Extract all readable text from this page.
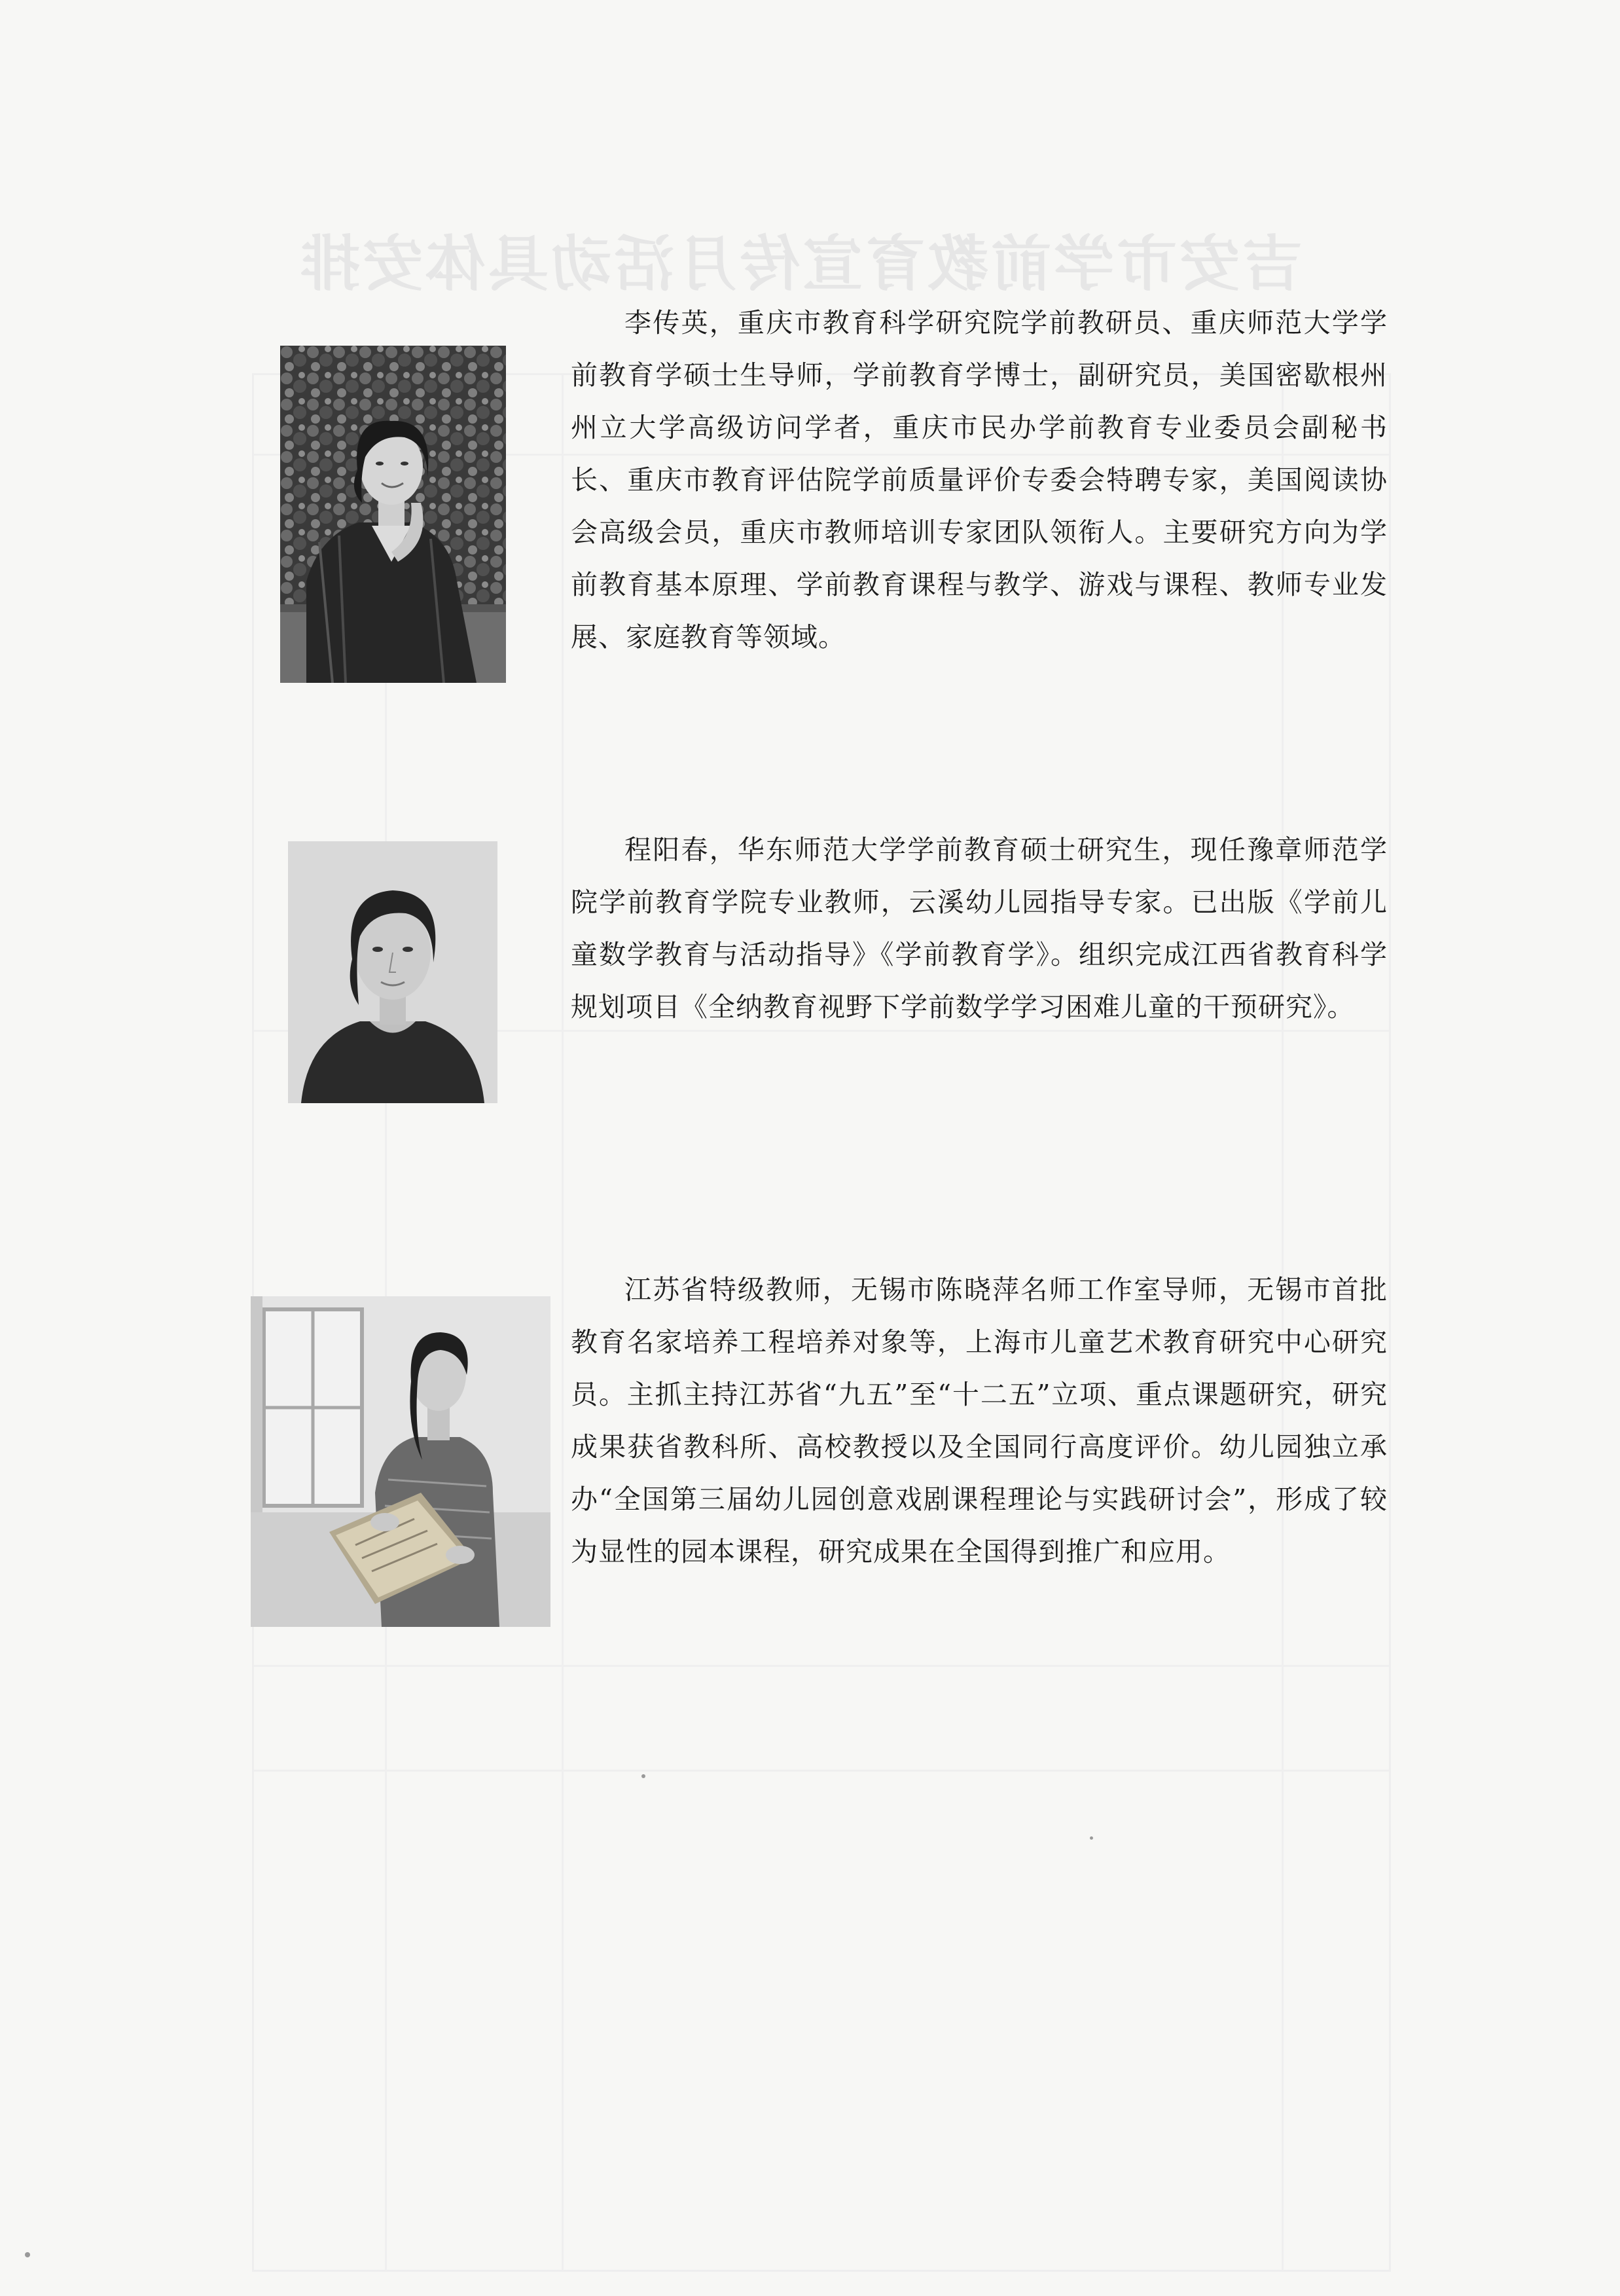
吉安市学前教育宣传月活动具体安排
李传英，重庆市教育科学研究院学前教研员、重庆师范大学学前教育学硕士生导师，学前教育学博士，副研究员，美国密歇根州州立大学高级访问学者，重庆市民办学前教育专业委员会副秘书长、重庆市教育评估院学前质量评价专委会特聘专家，美国阅读协会高级会员，重庆市教师培训专家团队领衔人。主要研究方向为学前教育基本原理、学前教育课程与教学、游戏与课程、教师专业发展、家庭教育等领域。
程阳春，华东师范大学学前教育硕士研究生，现任豫章师范学院学前教育学院专业教师，云溪幼儿园指导专家。已出版《学前儿童数学教育与活动指导》《学前教育学》。组织完成江西省教育科学规划项目《全纳教育视野下学前数学学习困难儿童的干预研究》。
江苏省特级教师，无锡市陈晓萍名师工作室导师，无锡市首批教育名家培养工程培养对象等，上海市儿童艺术教育研究中心研究员。主抓主持江苏省“九五”至“十二五”立项、重点课题研究，研究成果获省教科所、高校教授以及全国同行高度评价。幼儿园独立承办“全国第三届幼儿园创意戏剧课程理论与实践研讨会”，形成了较为显性的园本课程，研究成果在全国得到推广和应用。
